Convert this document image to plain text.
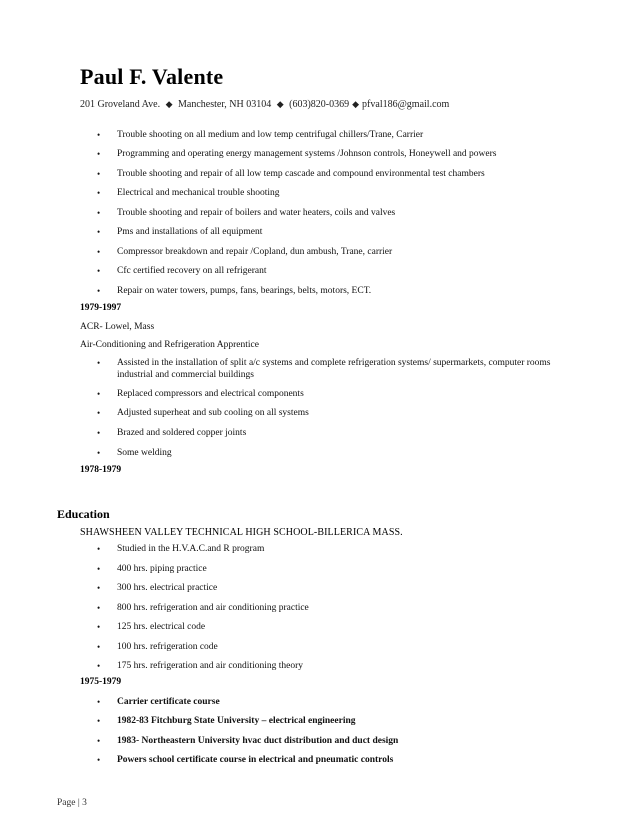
Paul F. Valente
201 Groveland Ave. ◆ Manchester, NH 03104 ◆ (603)820-0369 ◆ pfval186@gmail.com
• Trouble shooting on all medium and low temp centrifugal chillers/Trane, Carrier
• Programming and operating energy management systems /Johnson controls, Honeywell and powers
• Trouble shooting and repair of all low temp cascade and compound environmental test chambers
• Electrical and mechanical trouble shooting
• Trouble shooting and repair of boilers and water heaters, coils and valves
• Pms and installations of all equipment
• Compressor breakdown and repair /Copland, dun ambush, Trane, carrier
• Cfc certified recovery on all refrigerant
• Repair on water towers, pumps, fans, bearings, belts, motors, ECT.
1979-1997
ACR- Lowel, Mass
Air-Conditioning and Refrigeration Apprentice
• Assisted in the installation of split a/c systems and complete refrigeration systems/ supermarkets, computer rooms industrial and commercial buildings
• Replaced compressors and electrical components
• Adjusted superheat and sub cooling on all systems
• Brazed and soldered copper joints
• Some welding
1978-1979
Education
SHAWSHEEN VALLEY TECHNICAL HIGH SCHOOL-BILLERICA MASS.
• Studied in the H.V.A.C.and R program
• 400 hrs. piping practice
• 300 hrs. electrical practice
• 800 hrs. refrigeration and air conditioning practice
• 125 hrs. electrical code
• 100 hrs. refrigeration code
• 175 hrs. refrigeration and air conditioning theory
1975-1979
• Carrier certificate course
• 1982-83 Fitchburg State University – electrical engineering
• 1983- Northeastern University hvac duct distribution and duct design
• Powers school certificate course in electrical and pneumatic controls
Page | 3
